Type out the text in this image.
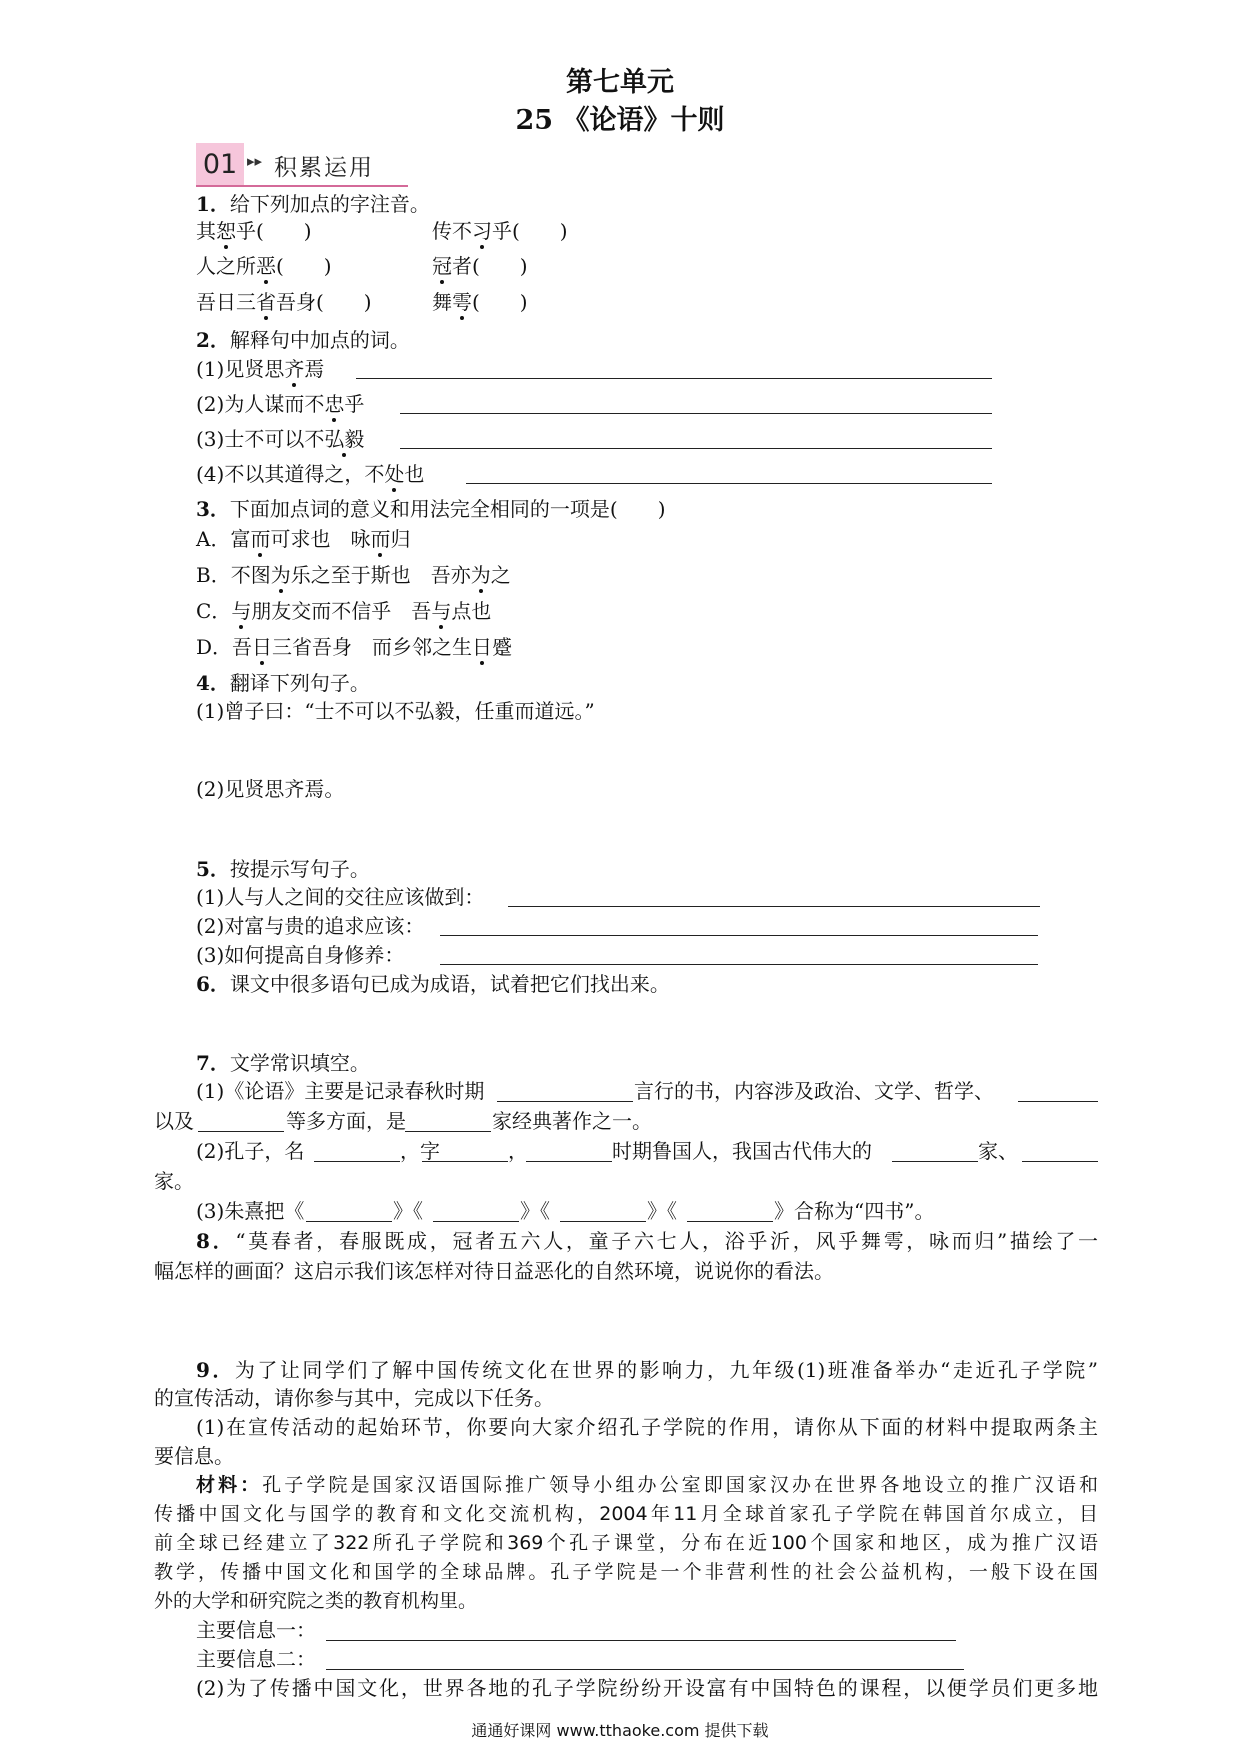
第七单元
25 《论语》十则
01 ▸▸ 积累运用
1．给下列加点的字注音。
其恕乎(　　)	传不习乎(　　)
人之所恶(　　)	冠者(　　)
吾日三省吾身(　　)	舞雩(　　)
2．解释句中加点的词。
(1)见贤思齐焉
(2)为人谋而不忠乎
(3)士不可以不弘毅
(4)不以其道得之，不处也
3．下面加点词的意义和用法完全相同的一项是(　　)
A．富而可求也　咏而归
B．不图为乐之至于斯也　吾亦为之
C．与朋友交而不信乎　吾与点也
D．吾日三省吾身　而乡邻之生日蹙
4．翻译下列句子。
(1)曾子曰：“士不可以不弘毅，任重而道远。”
(2)见贤思齐焉。
5．按提示写句子。
(1)人与人之间的交往应该做到：
(2)对富与贵的追求应该：
(3)如何提高自身修养：
6．课文中很多语句已成为成语，试着把它们找出来。
7．文学常识填空。
(1)《论语》主要是记录春秋时期	言行的书，内容涉及政治、文学、哲学、
以及	等多方面，是	家经典著作之一。
(2)孔子，名	，字	，	时期鲁国人，我国古代伟大的	家、
家。
(3)朱熹把《	》《	》《	》《	》合称为“四书”。
8．“莫春者，春服既成，冠者五六人，童子六七人，浴乎沂，风乎舞雩，咏而归”描绘了一
幅怎样的画面？这启示我们该怎样对待日益恶化的自然环境，说说你的看法。
9．为了让同学们了解中国传统文化在世界的影响力，九年级(1)班准备举办“走近孔子学院”
的宣传活动，请你参与其中，完成以下任务。
(1)在宣传活动的起始环节，你要向大家介绍孔子学院的作用，请你从下面的材料中提取两条主
要信息。
材料：孔子学院是国家汉语国际推广领导小组办公室即国家汉办在世界各地设立的推广汉语和
传播中国文化与国学的教育和文化交流机构，2004年11月全球首家孔子学院在韩国首尔成立，目
前全球已经建立了322所孔子学院和369个孔子课堂，分布在近100个国家和地区，成为推广汉语
教学，传播中国文化和国学的全球品牌。孔子学院是一个非营利性的社会公益机构，一般下设在国
外的大学和研究院之类的教育机构里。
主要信息一：
主要信息二：
(2)为了传播中国文化，世界各地的孔子学院纷纷开设富有中国特色的课程，以便学员们更多地
通通好课网 www.tthaoke.com 提供下载
